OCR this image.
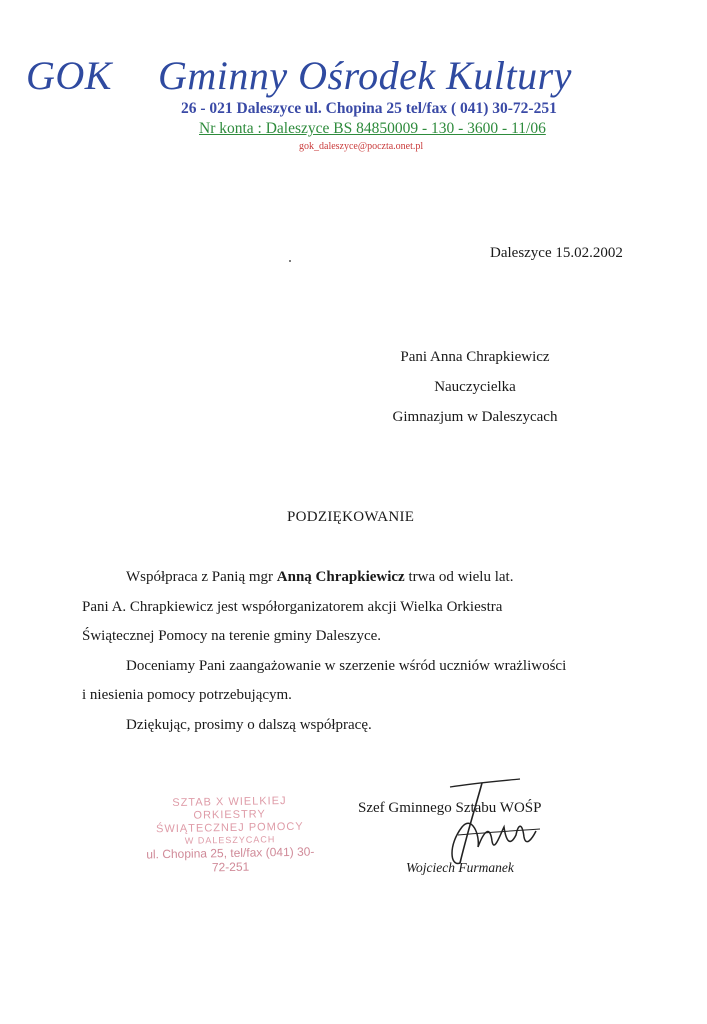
GOK Gminny Ośrodek Kultury
26 - 021 Daleszyce ul. Chopina 25 tel/fax ( 041) 30-72-251
Nr konta : Daleszyce BS 84850009 - 130 - 3600 - 11/06
gok_daleszyce@poczta.onet.pl
Daleszyce 15.02.2002
Pani Anna Chrapkiewicz
Nauczycielka
Gimnazjum w Daleszycach
PODZIĘKOWANIE

Współpraca z Panią mgr Anną Chrapkiewicz trwa od wielu lat.

Pani A. Chrapkiewicz jest współorganizatorem akcji Wielka Orkiestra

Świątecznej Pomocy na terenie gminy Daleszyce.

Doceniamy Pani zaangażowanie w szerzenie wśród uczniów wrażliwości

i niesienia pomocy potrzebującym.

Dziękując, prosimy o dalszą współpracę.

SZTAB X WIELKIEJ ORKIESTRY
ŚWIĄTECZNEJ POMOCY
W DALESZYCACH
ul. Chopina 25, tel/fax (041) 30-72-251
Szef Gminnego Sztabu WOŚP
Wojciech Furmanek
